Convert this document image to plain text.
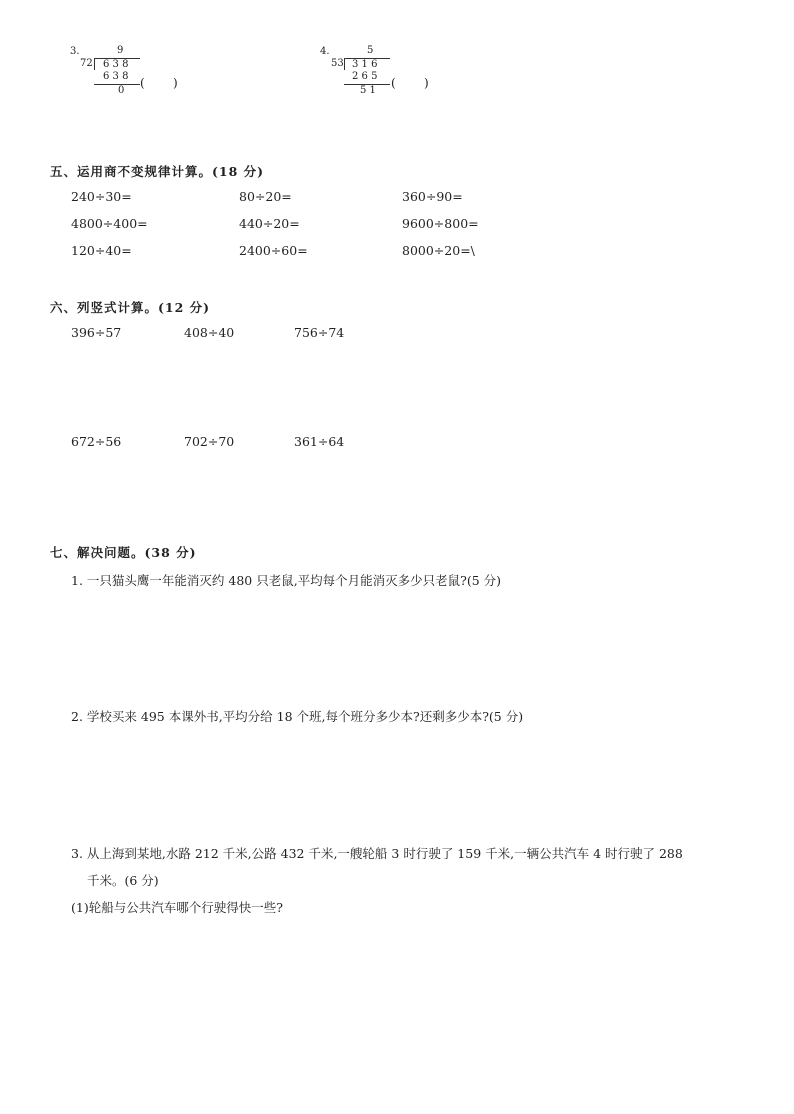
3.	9
72 6 3 8
6 3 8
0
( )
4.	5
53 3 1 6
2 6 5
5 1
( )
五、运用商不变规律计算。(18 分)
240÷30=	80÷20=	360÷90=
4800÷400=	440÷20=	9600÷800=
120÷40=	2400÷60=	8000÷20=\
六、列竖式计算。(12 分)
396÷57	408÷40	756÷74
672÷56	702÷70	361÷64
七、解决问题。(38 分)
1. 一只猫头鹰一年能消灭约 480 只老鼠,平均每个月能消灭多少只老鼠?(5 分)
2. 学校买来 495 本课外书,平均分给 18 个班,每个班分多少本?还剩多少本?(5 分)
3. 从上海到某地,水路 212 千米,公路 432 千米,一艘轮船 3 时行驶了 159 千米,一辆公共汽车 4 时行驶了 288
千米。(6 分)
(1)轮船与公共汽车哪个行驶得快一些?
